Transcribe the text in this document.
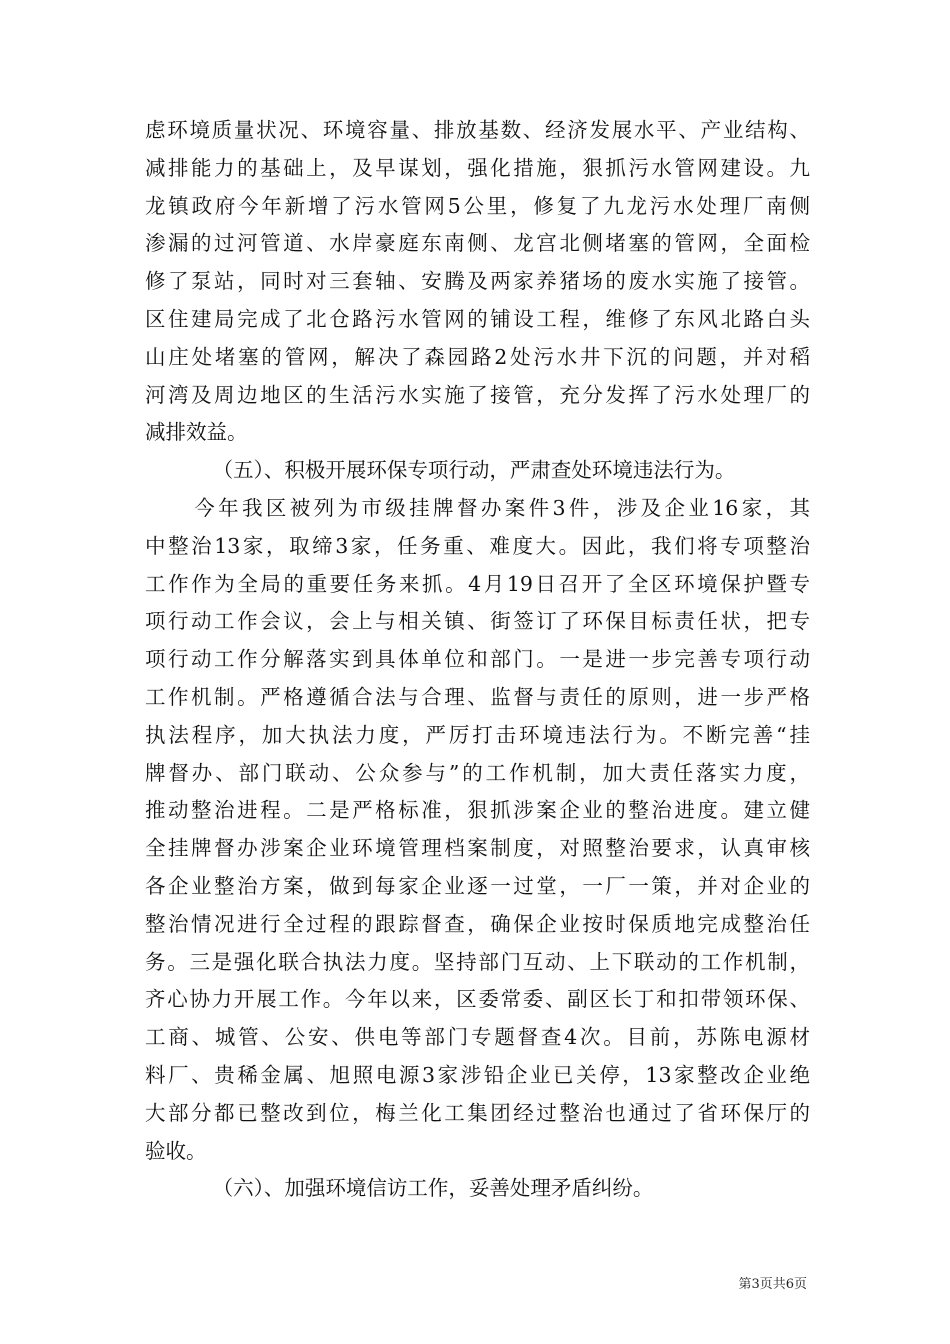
虑环境质量状况、环境容量、排放基数、经济发展水平、产业结构、
减排能力的基础上，及早谋划，强化措施，狠抓污水管网建设。九
龙镇政府今年新增了污水管网5公里，修复了九龙污水处理厂南侧
渗漏的过河管道、水岸豪庭东南侧、龙宫北侧堵塞的管网，全面检
修了泵站，同时对三套轴、安腾及两家养猪场的废水实施了接管。
区住建局完成了北仓路污水管网的铺设工程，维修了东风北路白头
山庄处堵塞的管网，解决了森园路2处污水井下沉的问题，并对稻
河湾及周边地区的生活污水实施了接管，充分发挥了污水处理厂的
减排效益。
（五）、积极开展环保专项行动，严肃查处环境违法行为。
今年我区被列为市级挂牌督办案件3件，涉及企业16家，其
中整治13家，取缔3家，任务重、难度大。因此，我们将专项整治
工作作为全局的重要任务来抓。4月19日召开了全区环境保护暨专
项行动工作会议，会上与相关镇、街签订了环保目标责任状，把专
项行动工作分解落实到具体单位和部门。一是进一步完善专项行动
工作机制。严格遵循合法与合理、监督与责任的原则，进一步严格
执法程序，加大执法力度，严厉打击环境违法行为。不断完善“挂
牌督办、部门联动、公众参与”的工作机制，加大责任落实力度，
推动整治进程。二是严格标准，狠抓涉案企业的整治进度。建立健
全挂牌督办涉案企业环境管理档案制度，对照整治要求，认真审核
各企业整治方案，做到每家企业逐一过堂，一厂一策，并对企业的
整治情况进行全过程的跟踪督查，确保企业按时保质地完成整治任
务。三是强化联合执法力度。坚持部门互动、上下联动的工作机制，
齐心协力开展工作。今年以来，区委常委、副区长丁和扣带领环保、
工商、城管、公安、供电等部门专题督查4次。目前，苏陈电源材
料厂、贵稀金属、旭照电源3家涉铅企业已关停，13家整改企业绝
大部分都已整改到位，梅兰化工集团经过整治也通过了省环保厅的
验收。
（六）、加强环境信访工作，妥善处理矛盾纠纷。
第3页共6页
